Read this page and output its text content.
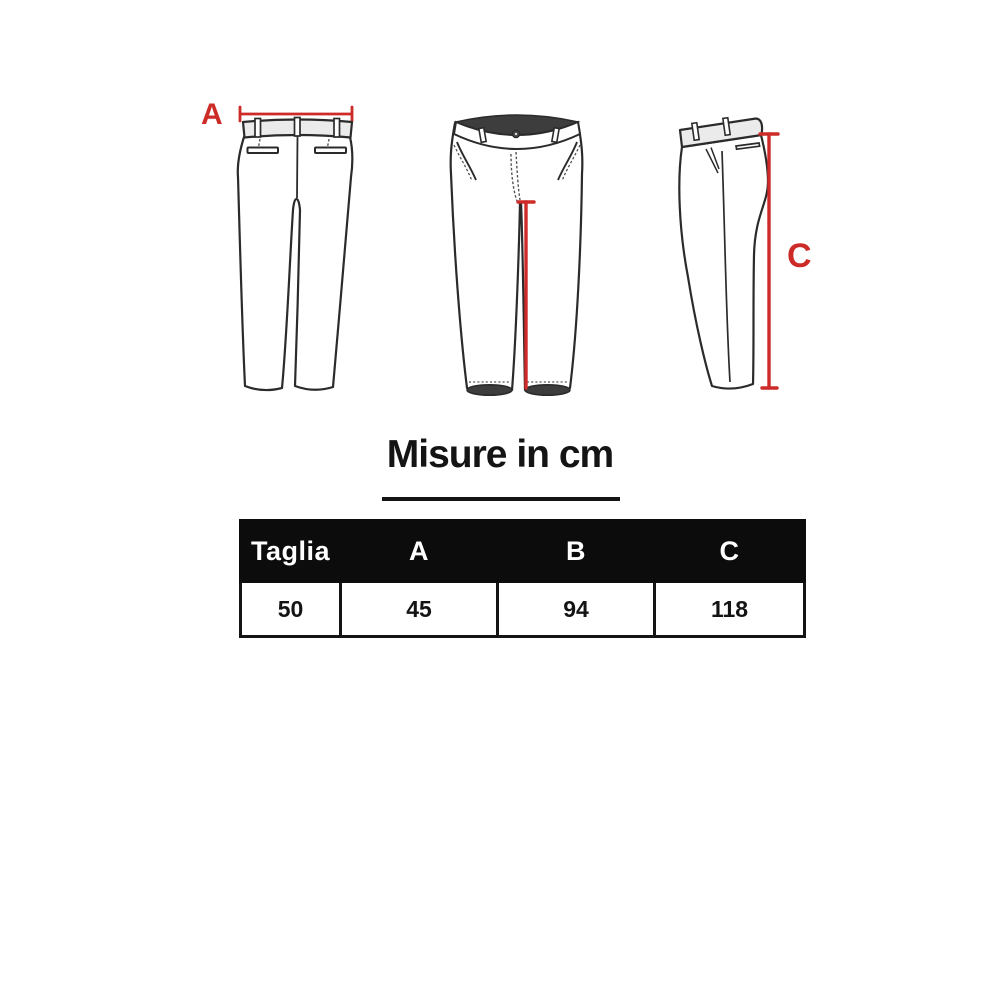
A
C
Misure in cm
Taglia	A	B	C
50	45	94	118
